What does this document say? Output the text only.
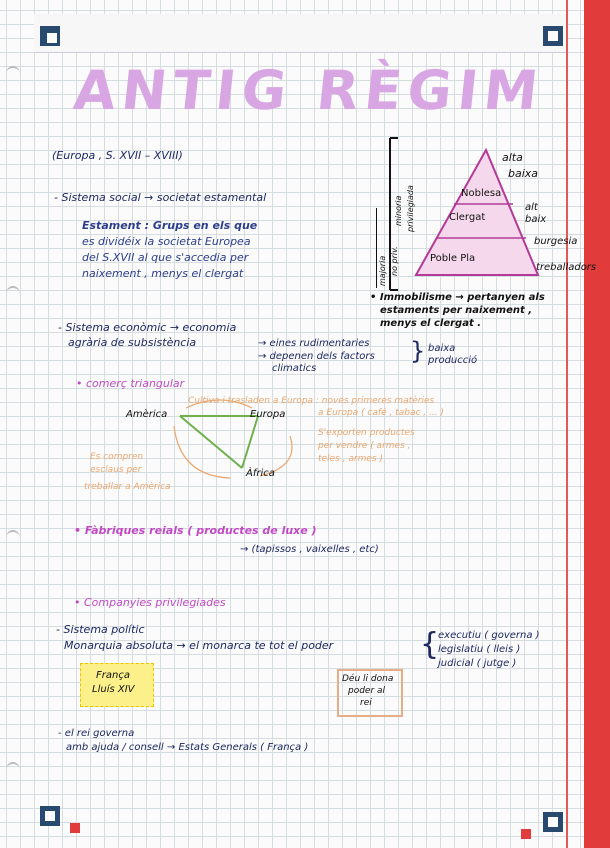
ANTIG RÈGIM
(Europa , S. XVII – XVIII)
- Sistema social → societat estamental
Estament : Grups en els que
es dividéix la societat Europea
del S.XVII al que s'accedia per
naixement , menys el clergat
Noblesa
Clergat
Poble Pla
alta
baixa
alt
baix
burgesia
treballadors
minoria privilegiada
majoria no priv.
• Immobilisme → pertanyen als
estaments per naixement ,
menys el clergat .
- Sistema econòmic → economia
agrària de subsistència	→ eines rudimentaries
→ depenen dels factors
climatics
} baixa
producció
• comerç triangular
Amèrica	Europa
Àfrica
Cultiva i trasladen a Europa : noves primeres matèries
a Europa ( café , tabac , ... )
S'exporten productes
per vendre ( armes ,
teles , armes )
Es compren
esclaus per
treballar a Amèrica
• Fàbriques reials ( productes de luxe )
→ (tapissos , vaixelles , etc)
• Companyies privilegiades
- Sistema polític
Monarquia absoluta → el monarca te tot el poder	{
executiu ( governa )
legislatiu ( lleis )
judicial ( jutge )
França
Lluís XIV
Déu li dona
poder al
rei
- el rei governa
amb ajuda / consell → Estats Generals ( França )
